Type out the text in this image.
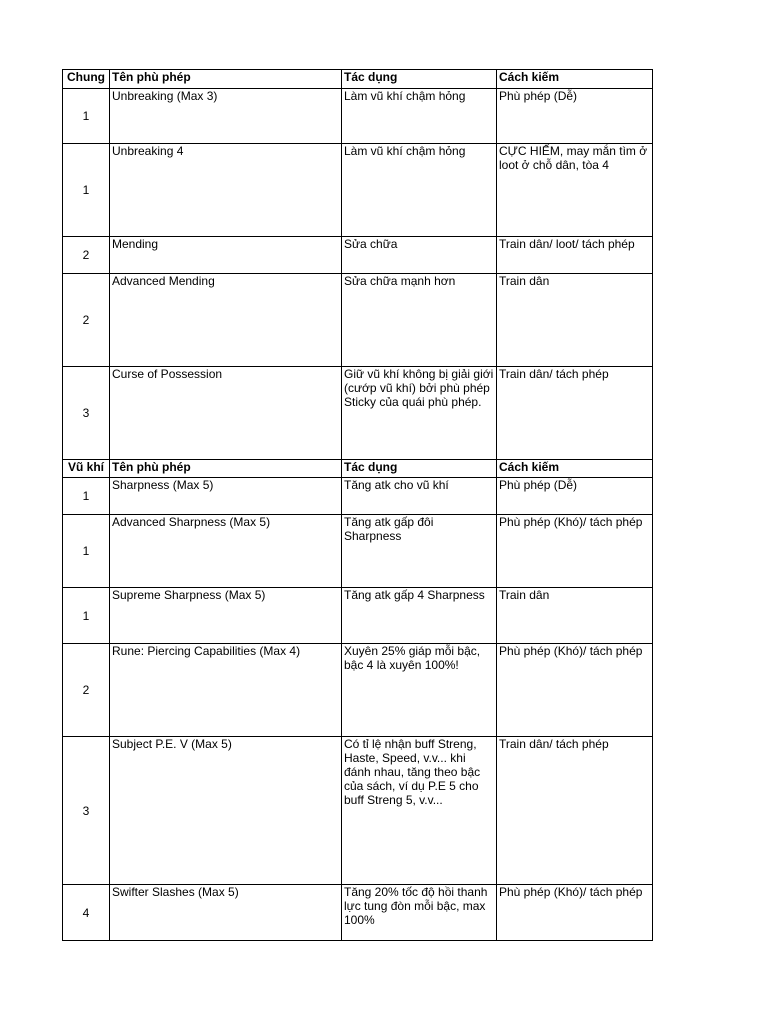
Chung	Tên phù phép	Tác dụng	Cách kiếm
1	Unbreaking (Max 3)	Làm vũ khí chậm hỏng	Phù phép (Dễ)
1	Unbreaking 4	Làm vũ khí chậm hỏng	CỰC HIẾM, may mắn tìm ở loot ở chỗ dân, tòa 4
2	Mending	Sửa chữa	Train dân/ loot/ tách phép
2	Advanced Mending	Sửa chữa mạnh hơn	Train dân
3	Curse of Possession	Giữ vũ khí không bị giải giới (cướp vũ khí) bởi phù phép Sticky của quái phù phép.	Train dân/ tách phép
Vũ khí	Tên phù phép	Tác dụng	Cách kiếm
1	Sharpness (Max 5)	Tăng atk cho vũ khí	Phù phép (Dễ)
1	Advanced Sharpness (Max 5)	Tăng atk gấp đôi Sharpness	Phù phép (Khó)/ tách phép
1	Supreme Sharpness (Max 5)	Tăng atk gấp 4 Sharpness	Train dân
2	Rune: Piercing Capabilities (Max 4)	Xuyên 25% giáp mỗi bậc, bậc 4 là xuyên 100%!	Phù phép (Khó)/ tách phép
3	Subject P.E. V (Max 5)	Có tỉ lệ nhận buff Streng, Haste, Speed, v.v... khi đánh nhau, tăng theo bậc của sách, ví dụ P.E 5 cho buff Streng 5, v.v...	Train dân/ tách phép
4	Swifter Slashes (Max 5)	Tăng 20% tốc độ hồi thanh lực tung đòn mỗi bậc, max 100%	Phù phép (Khó)/ tách phép
